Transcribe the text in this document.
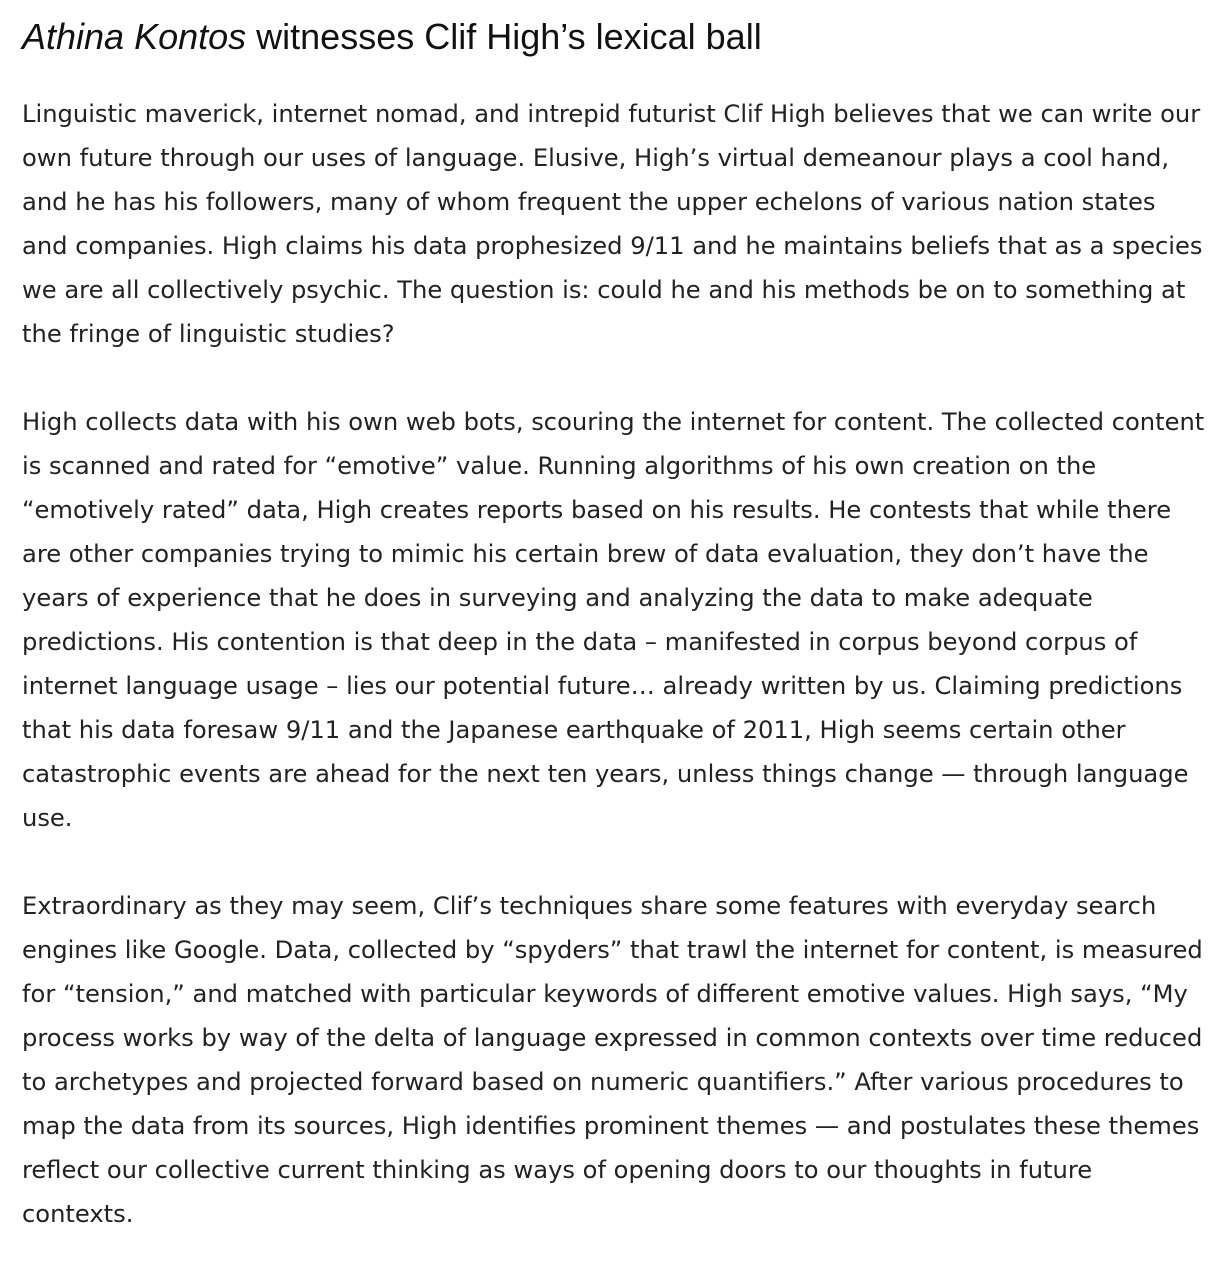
Athina Kontos witnesses Clif High’s lexical ball

Linguistic maverick, internet nomad, and intrepid futurist Clif High believes that we can write our own future through our uses of language. Elusive, High’s virtual demeanour plays a cool hand, and he has his followers, many of whom frequent the upper echelons of various nation states and companies. High claims his data prophesized 9/11 and he maintains beliefs that as a species we are all collectively psychic. The question is: could he and his methods be on to something at the fringe of linguistic studies?

High collects data with his own web bots, scouring the internet for content. The collected content is scanned and rated for “emotive” value. Running algorithms of his own creation on the “emotively rated” data, High creates reports based on his results. He contests that while there are other companies trying to mimic his certain brew of data evaluation, they don’t have the years of experience that he does in surveying and analyzing the data to make adequate predictions. His contention is that deep in the data – manifested in corpus beyond corpus of internet language usage – lies our potential future… already written by us. Claiming predictions that his data foresaw 9/11 and the Japanese earthquake of 2011, High seems certain other catastrophic events are ahead for the next ten years, unless things change — through language use.

Extraordinary as they may seem, Clif’s techniques share some features with everyday search engines like Google. Data, collected by “spyders” that trawl the internet for content, is measured for “tension,” and matched with particular keywords of different emotive values. High says, “My process works by way of the delta of language expressed in common contexts over time reduced to archetypes and projected forward based on numeric quantifiers.” After various procedures to map the data from its sources, High identifies prominent themes — and postulates these themes reflect our collective current thinking as ways of opening doors to our thoughts in future contexts.
